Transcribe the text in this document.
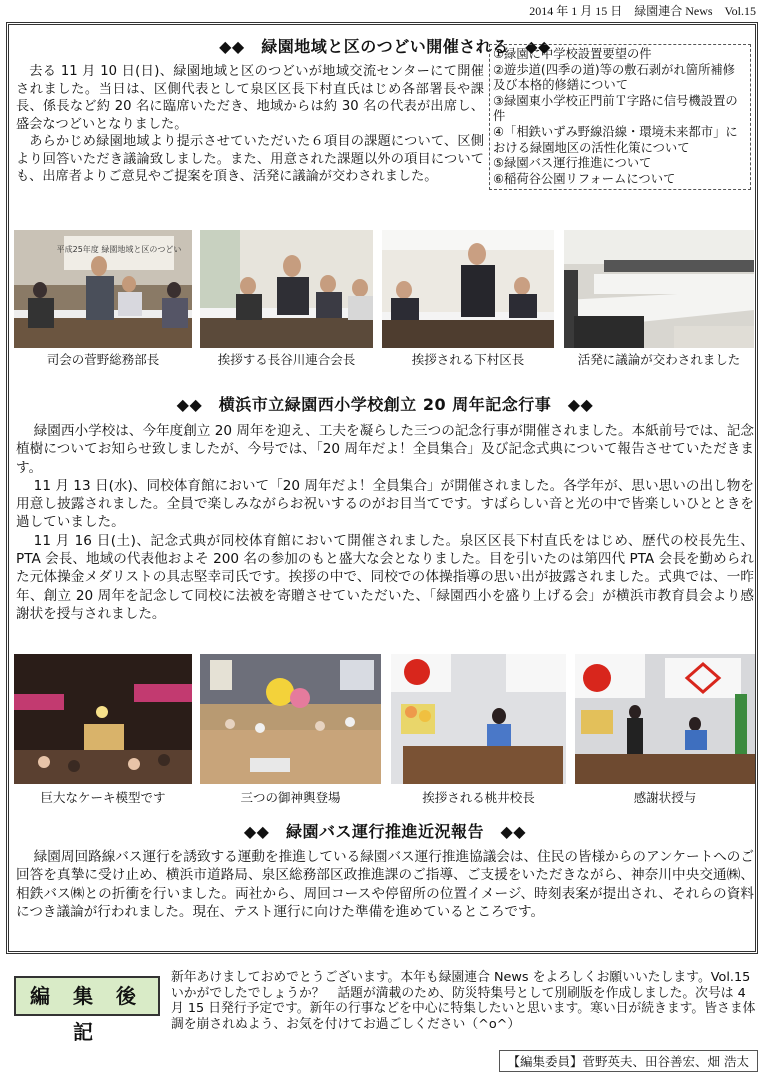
2014 年 1 月 15 日　緑園連合 News　Vol.15
◆◆　緑園地域と区のつどい開催される　◆◆

去る 11 月 10 日(日)、緑園地域と区のつどいが地域交流センターにて開催されました。当日は、区側代表として泉区区長下村直氏はじめ各部署長や課長、係長など約 20 名に臨席いただき、地域からは約 30 名の代表が出席し、盛会なつどいとなりました。

あらかじめ緑園地域より提示させていただいた６項目の課題について、区側より回答いただき議論致しました。また、用意された課題以外の項目についても、出席者よりご意見やご提案を頂き、活発に議論が交わされました。

①緑園に中学校設置要望の件
②遊歩道(四季の道)等の敷石剥がれ箇所補修及び本格的修繕について
③緑園東小学校正門前Ｔ字路に信号機設置の件
④「相鉄いずみ野線沿線・環境未来都市」における緑園地区の活性化策について
⑤緑園バス運行推進について
⑥稲荷谷公園リフォームについて
平成25年度 緑園地域と区のつどい
司会の菅野総務部長	挨拶する長谷川連合会長	挨拶される下村区長	活発に議論が交わされました
◆◆　横浜市立緑園西小学校創立 20 周年記念行事　◆◆

緑園西小学校は、今年度創立 20 周年を迎え、工夫を凝らした三つの記念行事が開催されました。本紙前号では、記念植樹についてお知らせ致しましたが、今号では、「20 周年だよ！全員集合」及び記念式典について報告させていただきます。

11 月 13 日(水)、同校体育館において「20 周年だよ！全員集合」が開催されました。各学年が、思い思いの出し物を用意し披露されました。全員で楽しみながらお祝いするのがお目当てです。すばらしい音と光の中で皆楽しいひとときを過していました。

11 月 16 日(土)、記念式典が同校体育館において開催されました。泉区区長下村直氏をはじめ、歴代の校長先生、PTA 会長、地域の代表他およそ 200 名の参加のもと盛大な会となりました。目を引いたのは第四代 PTA 会長を勤められた元体操金メダリストの具志堅幸司氏です。挨拶の中で、同校での体操指導の思い出が披露されました。式典では、一昨年、創立 20 周年を記念して同校に法被を寄贈させていただいた、「緑園西小を盛り上げる会」が横浜市教育員会より感謝状を授与されました。

巨大なケーキ模型です	三つの御神輿登場	挨拶される桃井校長	感謝状授与
◆◆　緑園バス運行推進近況報告　◆◆

緑園周回路線バス運行を誘致する運動を推進している緑園バス運行推進協議会は、住民の皆様からのアンケートへのご回答を真摯に受け止め、横浜市道路局、泉区総務部区政推進課のご指導、ご支援をいただきながら、神奈川中央交通㈱、相鉄バス㈱との折衝を行いました。両社から、周回コースや停留所の位置イメージ、時刻表案が提出され、それらの資料につき議論が行われました。現在、テスト運行に向けた準備を進めているところです。

編 集 後 記
新年あけましておめでとうございます。本年も緑園連合 News をよろしくお願いいたします。Vol.15 いかがでしたでしょうか？　話題が満載のため、防災特集号として別刷版を作成しました。次号は 4 月 15 日発行予定です。新年の行事などを中心に特集したいと思います。寒い日が続きます。皆さま体調を崩されぬよう、お気を付けてお過ごしください（^o^）
【編集委員】菅野英夫、田谷善宏、畑 浩太
